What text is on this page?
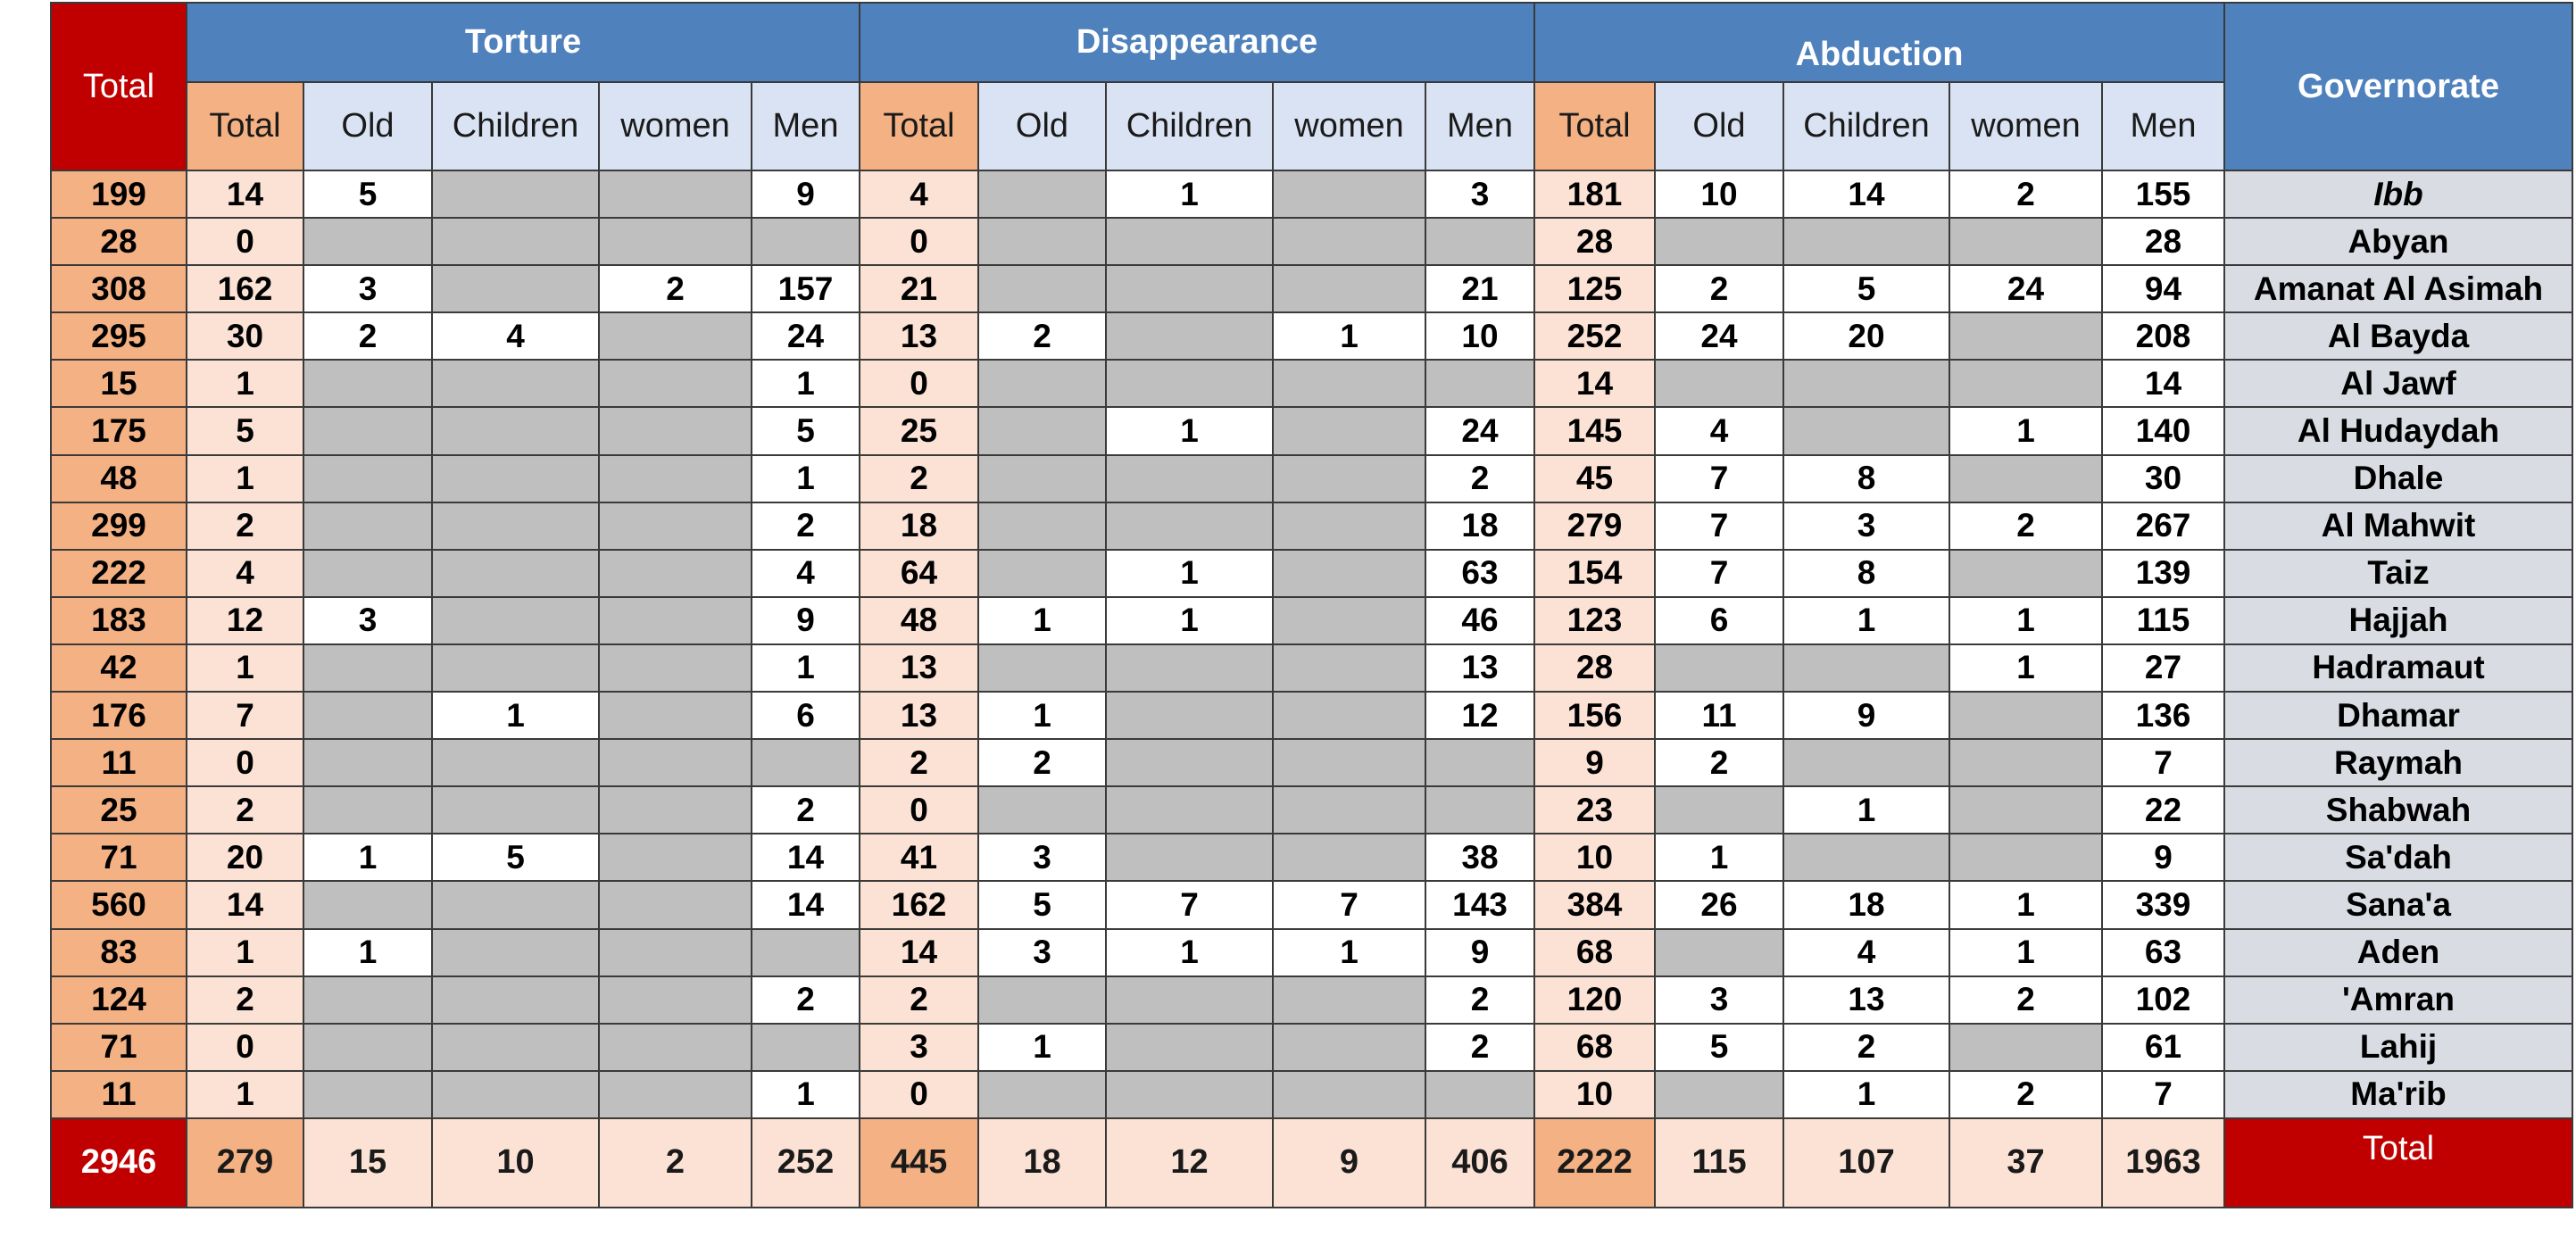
Total	Torture					Disappearance					Abduction					Governorate
	Total	Old	Children	women	Men	Total	Old	Children	women	Men	Total	Old	Children	women	Men	
199	14	5			9	4		1		3	181	10	14	2	155	Ibb
28	0					0					28				28	Abyan
308	162	3		2	157	21				21	125	2	5	24	94	Amanat Al Asimah
295	30	2	4		24	13	2		1	10	252	24	20		208	Al Bayda
15	1				1	0					14				14	Al Jawf
175	5				5	25		1		24	145	4		1	140	Al Hudaydah
48	1				1	2				2	45	7	8		30	Dhale
299	2				2	18				18	279	7	3	2	267	Al Mahwit
222	4				4	64		1		63	154	7	8		139	Taiz
183	12	3			9	48	1	1		46	123	6	1	1	115	Hajjah
42	1				1	13				13	28			1	27	Hadramaut
176	7		1		6	13	1			12	156	11	9		136	Dhamar
11	0					2	2				9	2			7	Raymah
25	2				2	0					23		1		22	Shabwah
71	20	1	5		14	41	3			38	10	1			9	Sa'dah
560	14				14	162	5	7	7	143	384	26	18	1	339	Sana'a
83	1	1				14	3	1	1	9	68		4	1	63	Aden
124	2				2	2				2	120	3	13	2	102	'Amran
71	0					3	1			2	68	5	2		61	Lahij
11	1				1	0					10		1	2	7	Ma'rib
2946	279	15	10	2	252	445	18	12	9	406	2222	115	107	37	1963	Total
